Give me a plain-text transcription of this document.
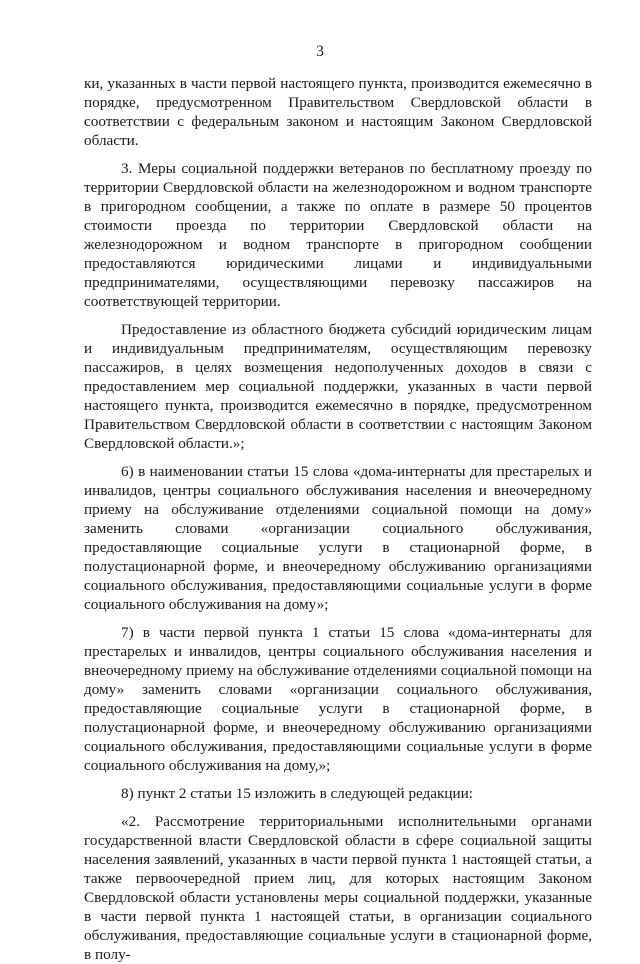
3

ки, указанных в части первой настоящего пункта, производится ежемесячно в порядке, предусмотренном Правительством Свердловской области в соответствии с федеральным законом и настоящим Законом Свердловской области.

3. Меры социальной поддержки ветеранов по бесплатному проезду по территории Свердловской области на железнодорожном и водном транспорте в пригородном сообщении, а также по оплате в размере 50 процентов стоимости проезда по территории Свердловской области на железнодорожном и водном транспорте в пригородном сообщении предоставляются юридическими лицами и индивидуальными предпринимателями, осуществляющими перевозку пассажиров на соответствующей территории.

Предоставление из областного бюджета субсидий юридическим лицам и индивидуальным предпринимателям, осуществляющим перевозку пассажиров, в целях возмещения недополученных доходов в связи с предоставлением мер социальной поддержки, указанных в части первой настоящего пункта, производится ежемесячно в порядке, предусмотренном Правительством Свердловской области в соответствии с настоящим Законом Свердловской области.»;

6) в наименовании статьи 15 слова «дома-интернаты для престарелых и инвалидов, центры социального обслуживания населения и внеочередному приему на обслуживание отделениями социальной помощи на дому» заменить словами «организации социального обслуживания, предоставляющие социальные услуги в стационарной форме, в полустационарной форме, и внеочередному обслуживанию организациями социального обслуживания, предоставляющими социальные услуги в форме социального обслуживания на дому»;

7) в части первой пункта 1 статьи 15 слова «дома-интернаты для престарелых и инвалидов, центры социального обслуживания населения и внеочередному приему на обслуживание отделениями социальной помощи на дому» заменить словами «организации социального обслуживания, предоставляющие социальные услуги в стационарной форме, в полустационарной форме, и внеочередному обслуживанию организациями социального обслуживания, предоставляющими социальные услуги в форме социального обслуживания на дому,»;

8) пункт 2 статьи 15 изложить в следующей редакции:

«2. Рассмотрение территориальными исполнительными органами государственной власти Свердловской области в сфере социальной защиты населения заявлений, указанных в части первой пункта 1 настоящей статьи, а также первоочередной прием лиц, для которых настоящим Законом Свердловской области установлены меры социальной поддержки, указанные в части первой пункта 1 настоящей статьи, в организации социального обслуживания, предоставляющие социальные услуги в стационарной форме, в полу-
